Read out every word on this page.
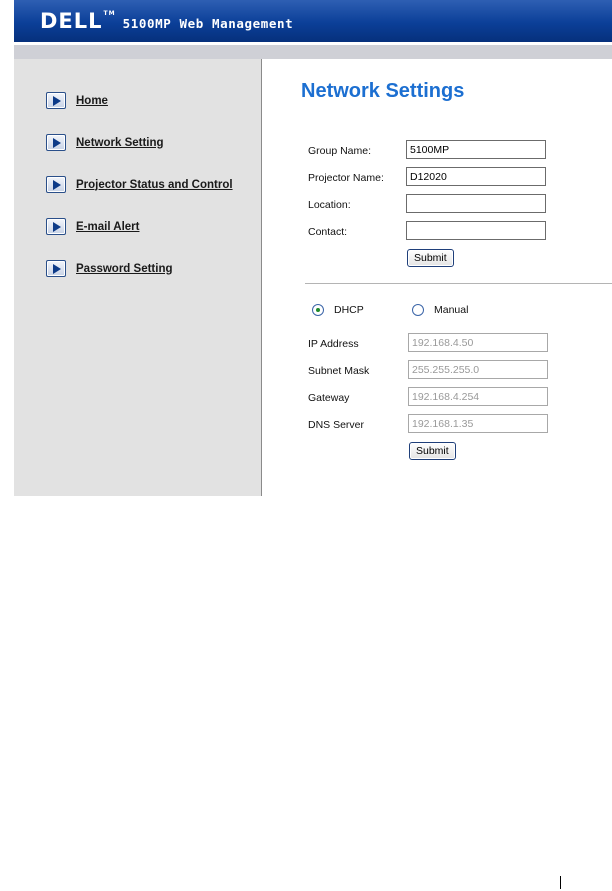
DELL™
5100MP Web Management
Home
Network Setting
Projector Status and Control
E-mail Alert
Password Setting
Network Settings
Group Name:
5100MP
Projector Name:
D12020
Location:
Contact:
Submit
DHCP	Manual
IP Address
192.168.4.50
Subnet Mask
255.255.255.0
Gateway
192.168.4.254
DNS Server
192.168.1.35
Submit
